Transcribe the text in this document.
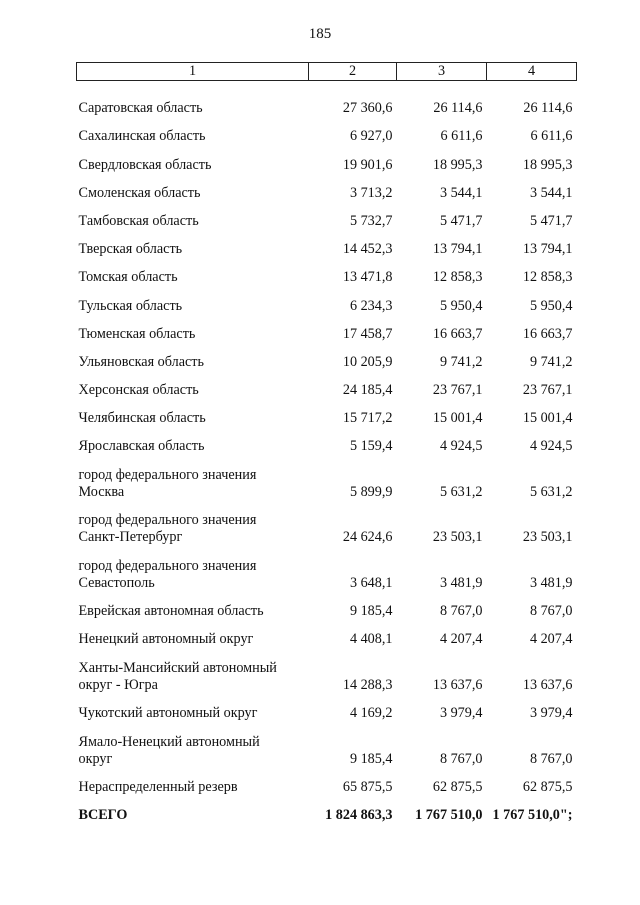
185
1	2	3	4

Саратовская область	27 360,6	26 114,6	26 114,6

Сахалинская область	6 927,0	6 611,6	6 611,6

Свердловская область	19 901,6	18 995,3	18 995,3

Смоленская область	3 713,2	3 544,1	3 544,1

Тамбовская область	5 732,7	5 471,7	5 471,7

Тверская область	14 452,3	13 794,1	13 794,1

Томская область	13 471,8	12 858,3	12 858,3

Тульская область	6 234,3	5 950,4	5 950,4

Тюменская область	17 458,7	16 663,7	16 663,7

Ульяновская область	10 205,9	9 741,2	9 741,2

Херсонская область	24 185,4	23 767,1	23 767,1

Челябинская область	15 717,2	15 001,4	15 001,4

Ярославская область	5 159,4	4 924,5	4 924,5

город федерального значения
Москва	5 899,9	5 631,2	5 631,2

город федерального значения
Санкт-Петербург	24 624,6	23 503,1	23 503,1

город федерального значения
Севастополь	3 648,1	3 481,9	3 481,9

Еврейская автономная область	9 185,4	8 767,0	8 767,0

Ненецкий автономный округ	4 408,1	4 207,4	4 207,4

Ханты-Мансийский автономный
округ - Югра	14 288,3	13 637,6	13 637,6

Чукотский автономный округ	4 169,2	3 979,4	3 979,4

Ямало-Ненецкий автономный
округ	9 185,4	8 767,0	8 767,0

Нераспределенный резерв	65 875,5	62 875,5	62 875,5
ВСЕГО	1 824 863,3	1 767 510,0	1 767 510,0";
